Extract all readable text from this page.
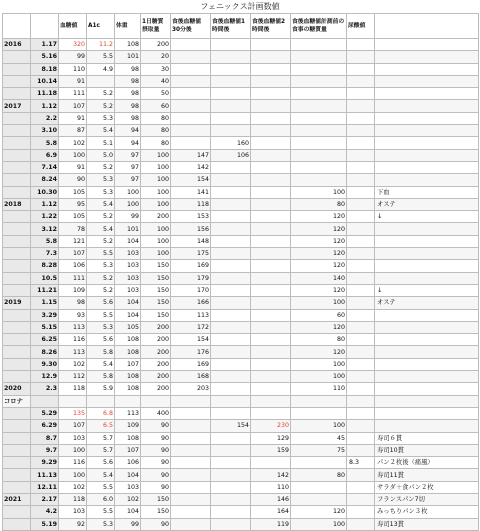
フェニックス計画数値
		血糖値	A1c	体重	1日糖質摂取量	食後血糖値30分後	食後血糖値1時間後	食後血糖値2時間後	食後血糖値計測前の食事の糖質量	尿酸値	
2016	1.17	320	11.2	108	200						
	5.16	99	5.5	101	20						
	8.18	110	4.9	98	30						
	10.14	91		98	40						
	11.18	111	5.2	98	50						
2017	1.12	107	5.2	98	60						
	2.2	91	5.3	98	80						
	3.10	87	5.4	94	80						
	5.8	102	5.1	94	80		160				
	6.9	100	5.0	97	100	147	106				
	7.14	91	5.2	97	100	142					
	8.24	90	5.3	97	100	154					
	10.30	105	5.3	100	100	141			100		下血
2018	1.12	95	5.4	100	100	118			80		オステ
	1.22	105	5.2	99	200	153			120		↓
	3.12	78	5.4	101	100	156			120		
	5.8	121	5.2	104	100	148			120		
	7.3	107	5.5	103	100	175			120		
	8.28	106	5.3	103	150	169			120		
	10.5	111	5.2	103	150	179			140		
	11.21	109	5.2	103	150	170			120		↓
2019	1.15	98	5.6	104	150	166			100		オステ
	3.29	93	5.5	104	150	113			60		
	5.15	113	5.3	105	200	172			120		
	6.25	116	5.6	108	200	154			80		
	8.26	113	5.8	108	200	176			120		
	9.30	102	5.4	107	200	169			100		
	12.9	112	5.8	108	200	168			100		
2020	2.3	118	5.9	108	200	203			110		
コロナ											
	5.29	135	6.8	113	400						
	6.29	107	6.5	109	90		154	230	100		
	8.7	103	5.7	108	90			129	45		寿司６貫
	9.7	100	5.7	107	90			159	75		寿司10貫
	9.29	116	5.6	106	90					8.3	パン２枚後（痛風）
	11.13	100	5.4	104	90			142	80		寿司11貫
	12.11	102	5.5	103	90			110			サラダ＋食パン２枚
2021	2.17	118	6.0	102	150			146			フランスパン7切
	4.2	103	5.5	104	150			164	120		みっちりパン３枚
	5.19	92	5.3	99	90			119	100		寿司13貫
